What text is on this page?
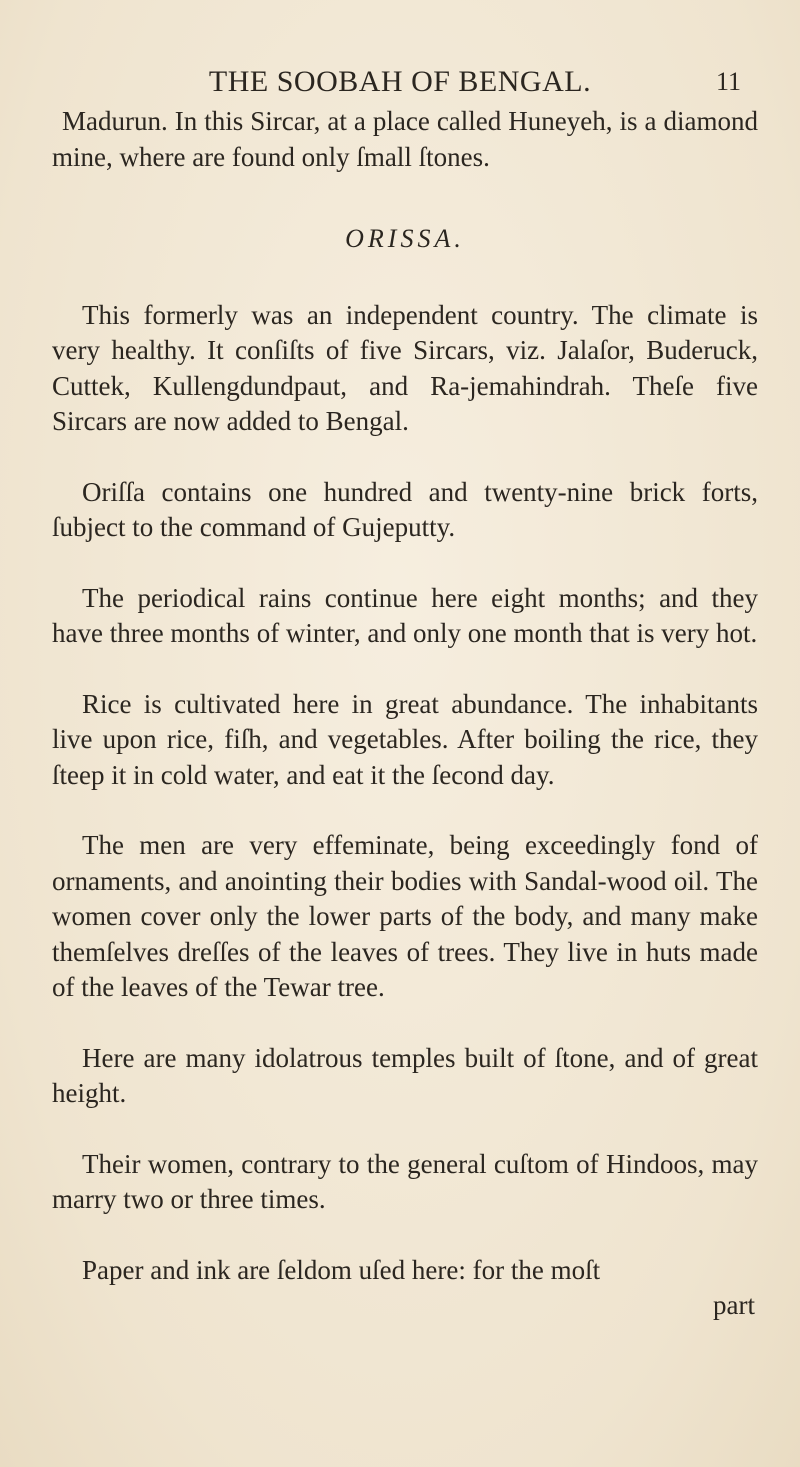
THE SOOBAH OF BENGAL.	11

Madurun. In this Sircar, at a place called Huneyeh, is a diamond mine, where are found only ſmall ſtones.

ORISSA.

This formerly was an independent country. The climate is very healthy. It conſiſts of five Sircars, viz. Jalaſor, Buderuck, Cuttek, Kullengdundpaut, and Ra-jemahindrah. Theſe five Sircars are now added to Bengal.

Oriſſa contains one hundred and twenty-nine brick forts, ſubject to the command of Gujeputty.

The periodical rains continue here eight months; and they have three months of winter, and only one month that is very hot.

Rice is cultivated here in great abundance. The inhabitants live upon rice, fiſh, and vegetables. After boiling the rice, they ſteep it in cold water, and eat it the ſecond day.

The men are very effeminate, being exceedingly fond of ornaments, and anointing their bodies with Sandal-wood oil. The women cover only the lower parts of the body, and many make themſelves dreſſes of the leaves of trees. They live in huts made of the leaves of the Tewar tree.

Here are many idolatrous temples built of ſtone, and of great height.

Their women, contrary to the general cuſtom of Hindoos, may marry two or three times.

Paper and ink are ſeldom uſed here: for the moſt

part
